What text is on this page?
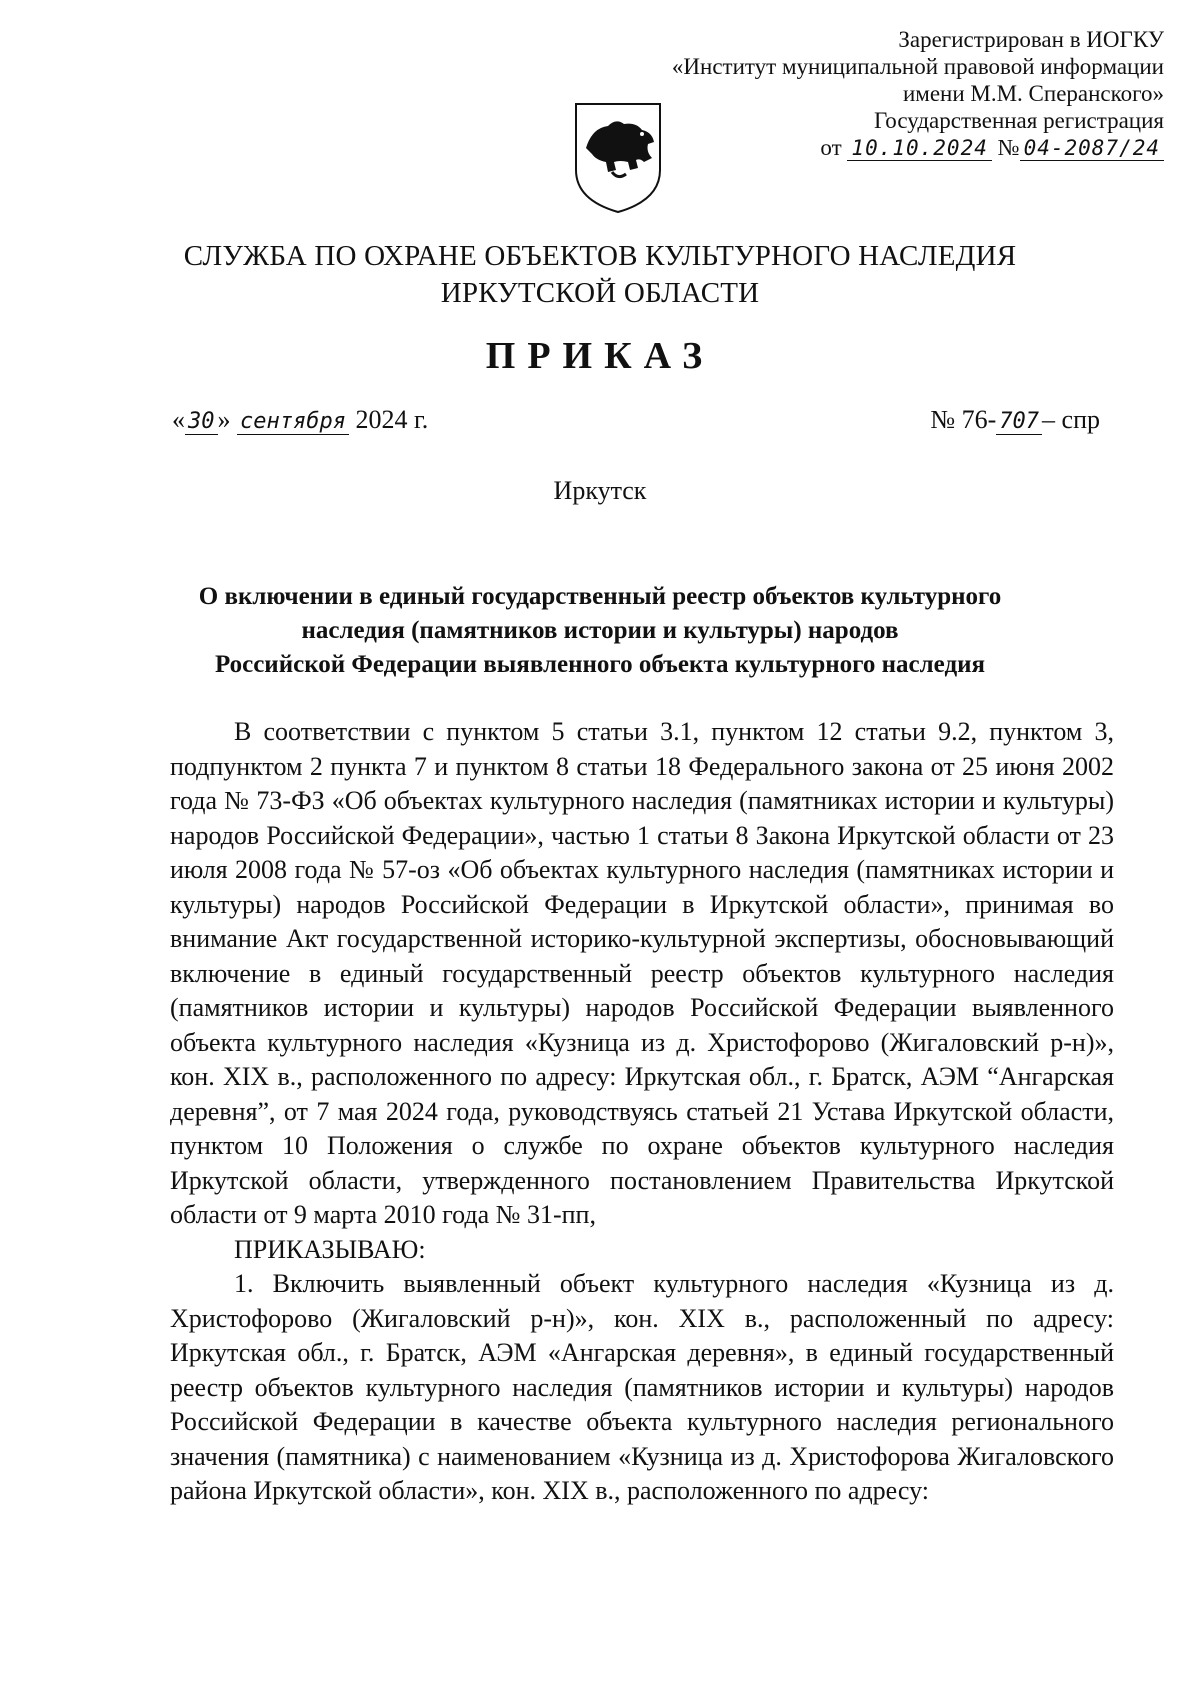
Зарегистрирован в ИОГКУ
«Институт муниципальной правовой информации
имени М.М. Сперанского»
Государственная регистрация
от 10.10.2024 № 04-2087/24
СЛУЖБА ПО ОХРАНЕ ОБЪЕКТОВ КУЛЬТУРНОГО НАСЛЕДИЯ
ИРКУТСКОЙ ОБЛАСТИ
ПРИКАЗ
« 30 » сентября 2024 г.	№ 76- 707 – спр
Иркутск
О включении в единый государственный реестр объектов культурного
наследия (памятников истории и культуры) народов
Российской Федерации выявленного объекта культурного наследия

В соответствии с пунктом 5 статьи 3.1, пунктом 12 статьи 9.2, пунктом 3, подпунктом 2 пункта 7 и пунктом 8 статьи 18 Федерального закона от 25 июня 2002 года № 73-ФЗ «Об объектах культурного наследия (памятниках истории и культуры) народов Российской Федерации», частью 1 статьи 8 Закона Иркутской области от 23 июля 2008 года № 57-оз «Об объектах культурного наследия (памятниках истории и культуры) народов Российской Федерации в Иркутской области», принимая во внимание Акт государственной историко-культурной экспертизы, обосновывающий включение в единый государственный реестр объектов культурного наследия (памятников истории и культуры) народов Российской Федерации выявленного объекта культурного наследия «Кузница из д. Христофорово (Жигаловский р-н)», кон. XIX в., расположенного по адресу: Иркутская обл., г. Братск, АЭМ “Ангарская деревня”, от 7 мая 2024 года, руководствуясь статьей 21 Устава Иркутской области, пунктом 10 Положения о службе по охране объектов культурного наследия Иркутской области, утвержденного постановлением Правительства Иркутской области от 9 марта 2010 года № 31-пп,

ПРИКАЗЫВАЮ:

1. Включить выявленный объект культурного наследия «Кузница из д. Христофорово (Жигаловский р-н)», кон. XIX в., расположенный по адресу: Иркутская обл., г. Братск, АЭМ «Ангарская деревня», в единый государственный реестр объектов культурного наследия (памятников истории и культуры) народов Российской Федерации в качестве объекта культурного наследия регионального значения (памятника) с наименованием «Кузница из д. Христофорова Жигаловского района Иркутской области», кон. XIX в., расположенного по адресу:
